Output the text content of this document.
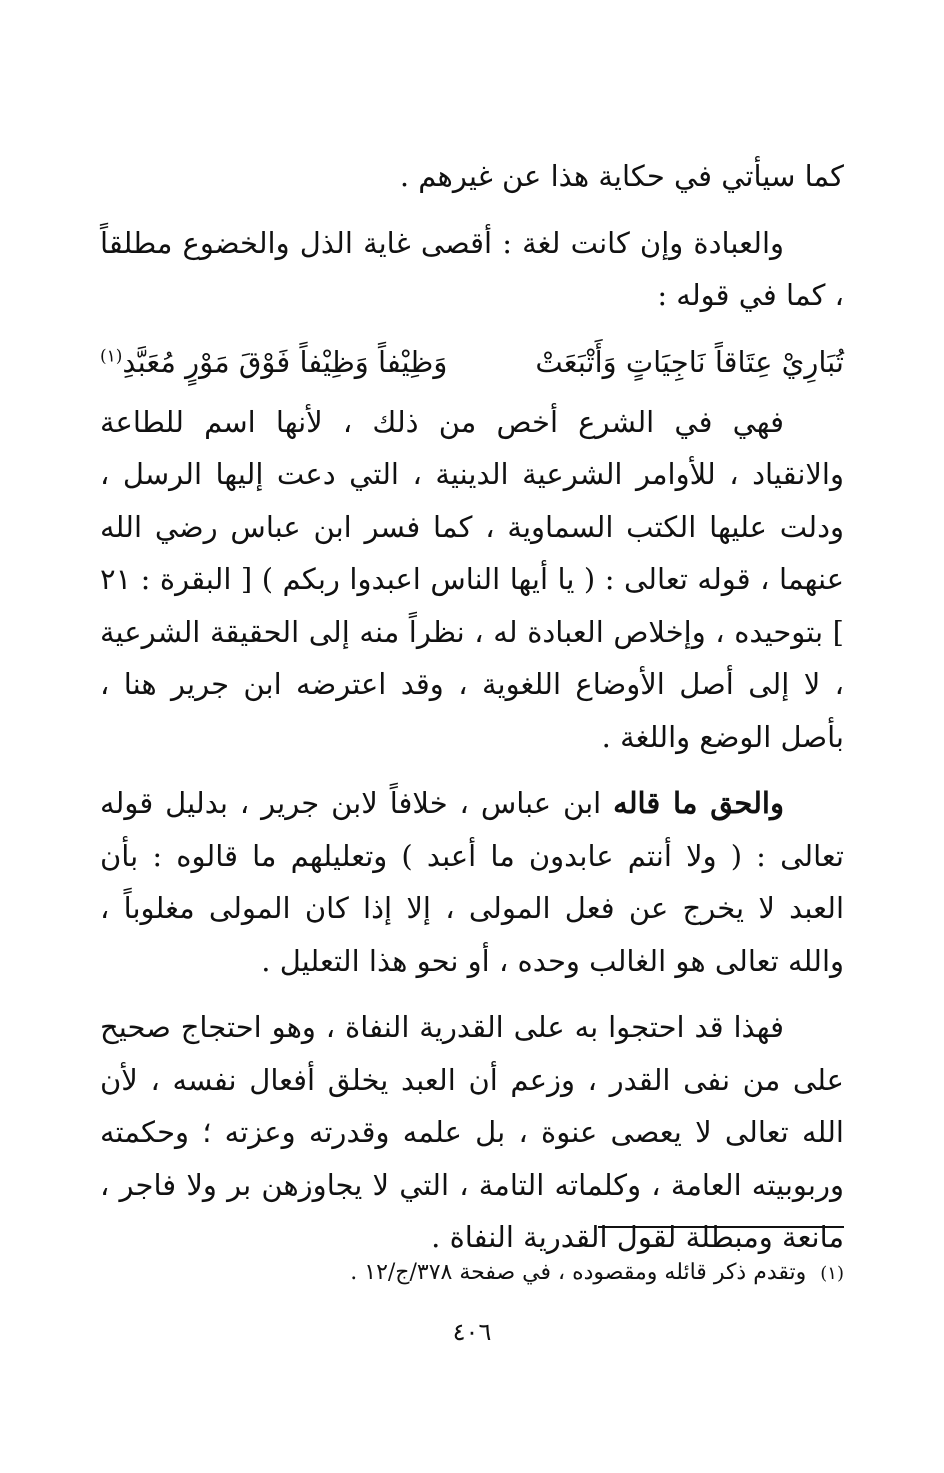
كما سيأتي في حكاية هذا عن غيرهم .

والعبادة وإن كانت لغة : أقصى غاية الذل والخضوع مطلقاً ، كما في قوله :

تُبَارِيْ عِتَاقاً نَاجِيَاتٍ وَأَتْبَعَتْ
وَظِيْفاً وَظِيْفاً فَوْقَ مَوْرٍ مُعَبَّدِ$^{(١)}$

فهي في الشرع أخص من ذلك ، لأنها اسم للطاعة والانقياد ، للأوامر الشرعية الدينية ، التي دعت إليها الرسل ، ودلت عليها الكتب السماوية ، كما فسر ابن عباس رضي الله عنهما ، قوله تعالى : ( يا أيها الناس اعبدوا ربكم ) [ البقرة : ٢١ ] بتوحيده ، وإخلاص العبادة له ، نظراً منه إلى الحقيقة الشرعية ، لا إلى أصل الأوضاع اللغوية ، وقد اعترضه ابن جرير هنا ، بأصل الوضع واللغة .

والحق ما قاله ابن عباس ، خلافاً لابن جرير ، بدليل قوله تعالى : ( ولا أنتم عابدون ما أعبد ) وتعليلهم ما قالوه : بأن العبد لا يخرج عن فعل المولى ، إلا إذا كان المولى مغلوباً ، والله تعالى هو الغالب وحده ، أو نحو هذا التعليل .

فهذا قد احتجوا به على القدرية النفاة ، وهو احتجاج صحيح على من نفى القدر ، وزعم أن العبد يخلق أفعال نفسه ، لأن الله تعالى لا يعصى عنوة ، بل علمه وقدرته وعزته ؛ وحكمته وربوبيته العامة ، وكلماته التامة ، التي لا يجاوزهن بر ولا فاجر ، مانعة ومبطلة لقول القدرية النفاة .

(١)وتقدم ذكر قائله ومقصوده ، في صفحة ٣٧٨/ج/١٢ .
٤٠٦
